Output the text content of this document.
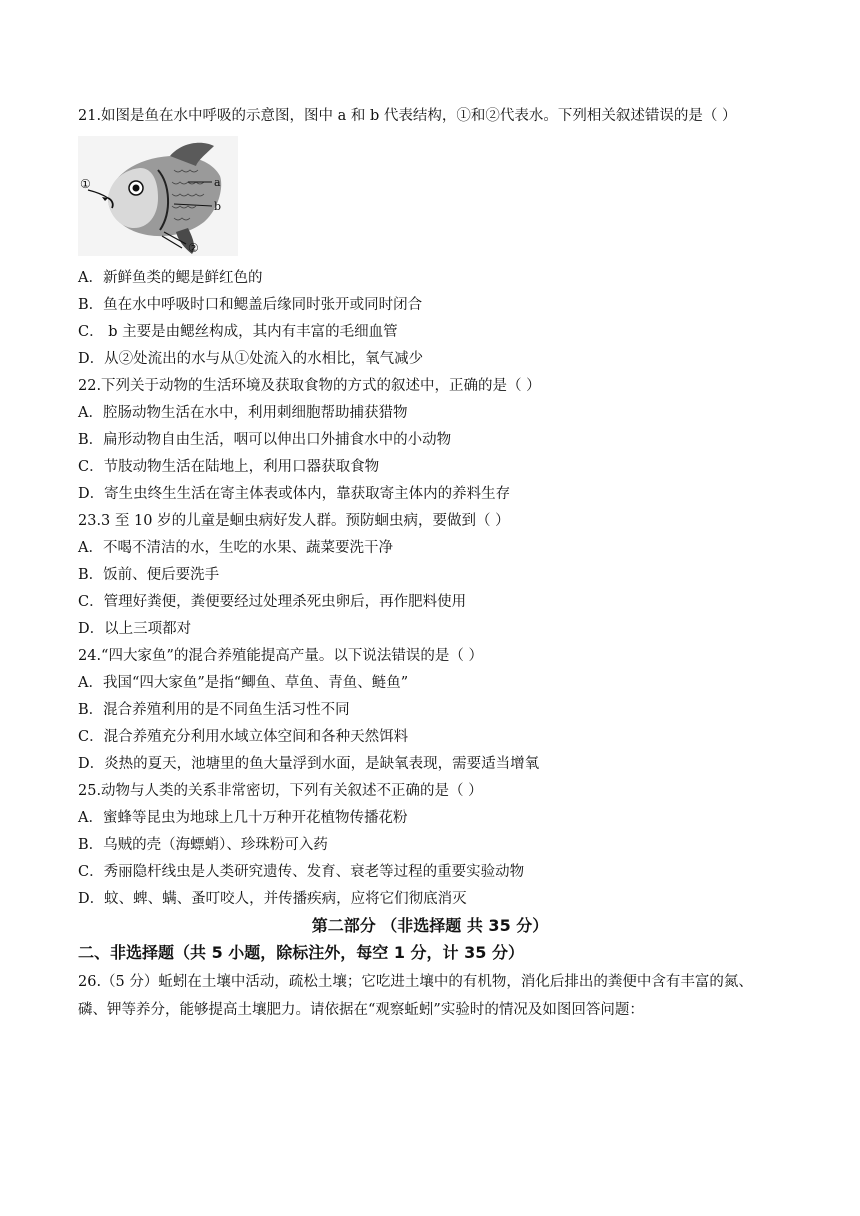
21.如图是鱼在水中呼吸的示意图，图中 a 和 b 代表结构，①和②代表水。下列相关叙述错误的是（ ）
①	a
b
②
A．新鲜鱼类的鳃是鲜红色的
B．鱼在水中呼吸时口和鳃盖后缘同时张开或同时闭合
C． b 主要是由鳃丝构成，其内有丰富的毛细血管
D．从②处流出的水与从①处流入的水相比，氧气减少
22.下列关于动物的生活环境及获取食物的方式的叙述中，正确的是（ ）
A．腔肠动物生活在水中，利用刺细胞帮助捕获猎物
B．扁形动物自由生活，咽可以伸出口外捕食水中的小动物
C．节肢动物生活在陆地上，利用口器获取食物
D．寄生虫终生生活在寄主体表或体内，靠获取寄主体内的养料生存
23.3 至 10 岁的儿童是蛔虫病好发人群。预防蛔虫病，要做到（ ）
A．不喝不清洁的水，生吃的水果、蔬菜要洗干净
B．饭前、便后要洗手
C．管理好粪便，粪便要经过处理杀死虫卵后，再作肥料使用
D．以上三项都对
24.“四大家鱼”的混合养殖能提高产量。以下说法错误的是（ ）
A．我国“四大家鱼”是指“鲫鱼、草鱼、青鱼、鲢鱼”
B．混合养殖利用的是不同鱼生活习性不同
C．混合养殖充分利用水域立体空间和各种天然饵料
D．炎热的夏天，池塘里的鱼大量浮到水面，是缺氧表现，需要适当增氧
25.动物与人类的关系非常密切，下列有关叙述不正确的是（ ）
A．蜜蜂等昆虫为地球上几十万种开花植物传播花粉
B．乌贼的壳（海螵蛸）、珍珠粉可入药
C．秀丽隐杆线虫是人类研究遗传、发育、衰老等过程的重要实验动物
D．蚊、蜱、螨、蚤叮咬人，并传播疾病，应将它们彻底消灭
第二部分 （非选择题 共 35 分）
二、非选择题（共 5 小题，除标注外，每空 1 分，计 35 分）
26.（5 分）蚯蚓在土壤中活动，疏松土壤；它吃进土壤中的有机物，消化后排出的粪便中含有丰富的氮、
磷、钾等养分，能够提高土壤肥力。请依据在“观察蚯蚓”实验时的情况及如图回答问题：
